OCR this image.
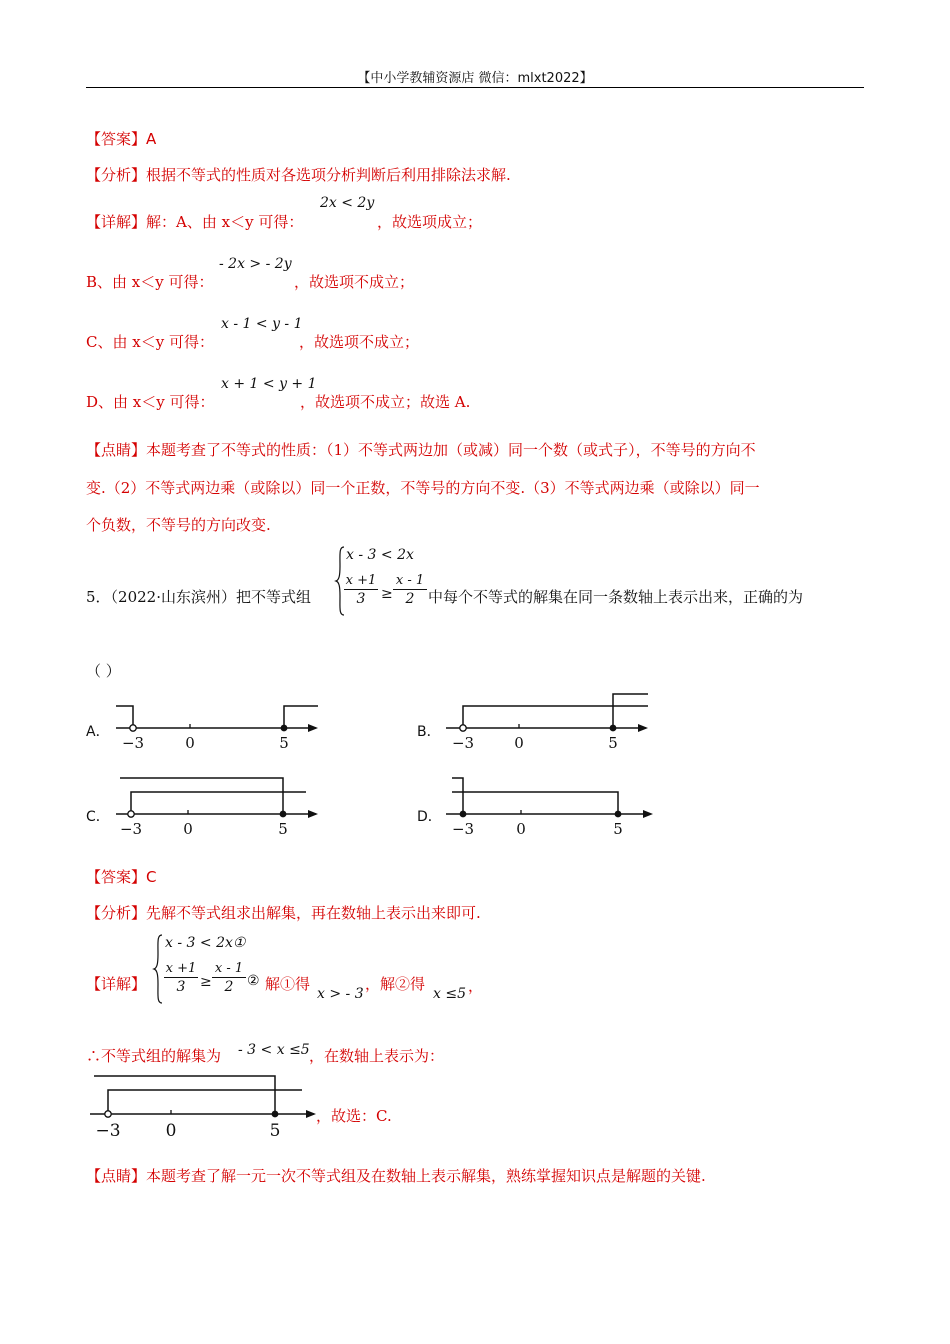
【中小学教辅资源店 微信：mlxt2022】
【答案】A
【分析】根据不等式的性质对各选项分析判断后利用排除法求解.
【详解】解：A、由 x＜y 可得：
2x < 2y
，故选项成立；
B、由 x＜y 可得：
- 2x > - 2y
，故选项不成立；
C、由 x＜y 可得：
x - 1 < y - 1
，故选项不成立；
D、由 x＜y 可得：
x + 1 < y + 1
，故选项不成立；故选 A.
【点睛】本题考查了不等式的性质：（1）不等式两边加（或减）同一个数（或式子），不等号的方向不
变.（2）不等式两边乘（或除以）同一个正数，不等号的方向不变.（3）不等式两边乘（或除以）同一
个负数，不等号的方向改变.
5．（2022·山东滨州）把不等式组
x - 3 < 2x
x +1
3	≥
x - 1
2 中每个不等式的解集在同一条数轴上表示出来，正确的为
（ ）
A．
−3	0	5
B．
−3	0	5
C．
−3	0	5
D．
−3	0	5
【答案】C
【分析】先解不等式组求出解集，再在数轴上表示出来即可.
【详解】
x - 3 < 2x①
x +1
3	≥
x - 1
2 ② 解①得
x > - 3
，解②得
x ≤5 ，
∴不等式组的解集为 - 3 < x ≤5 ，在数轴上表示为：
−3	0	5
，故选：C.
【点睛】本题考查了解一元一次不等式组及在数轴上表示解集，熟练掌握知识点是解题的关键.
